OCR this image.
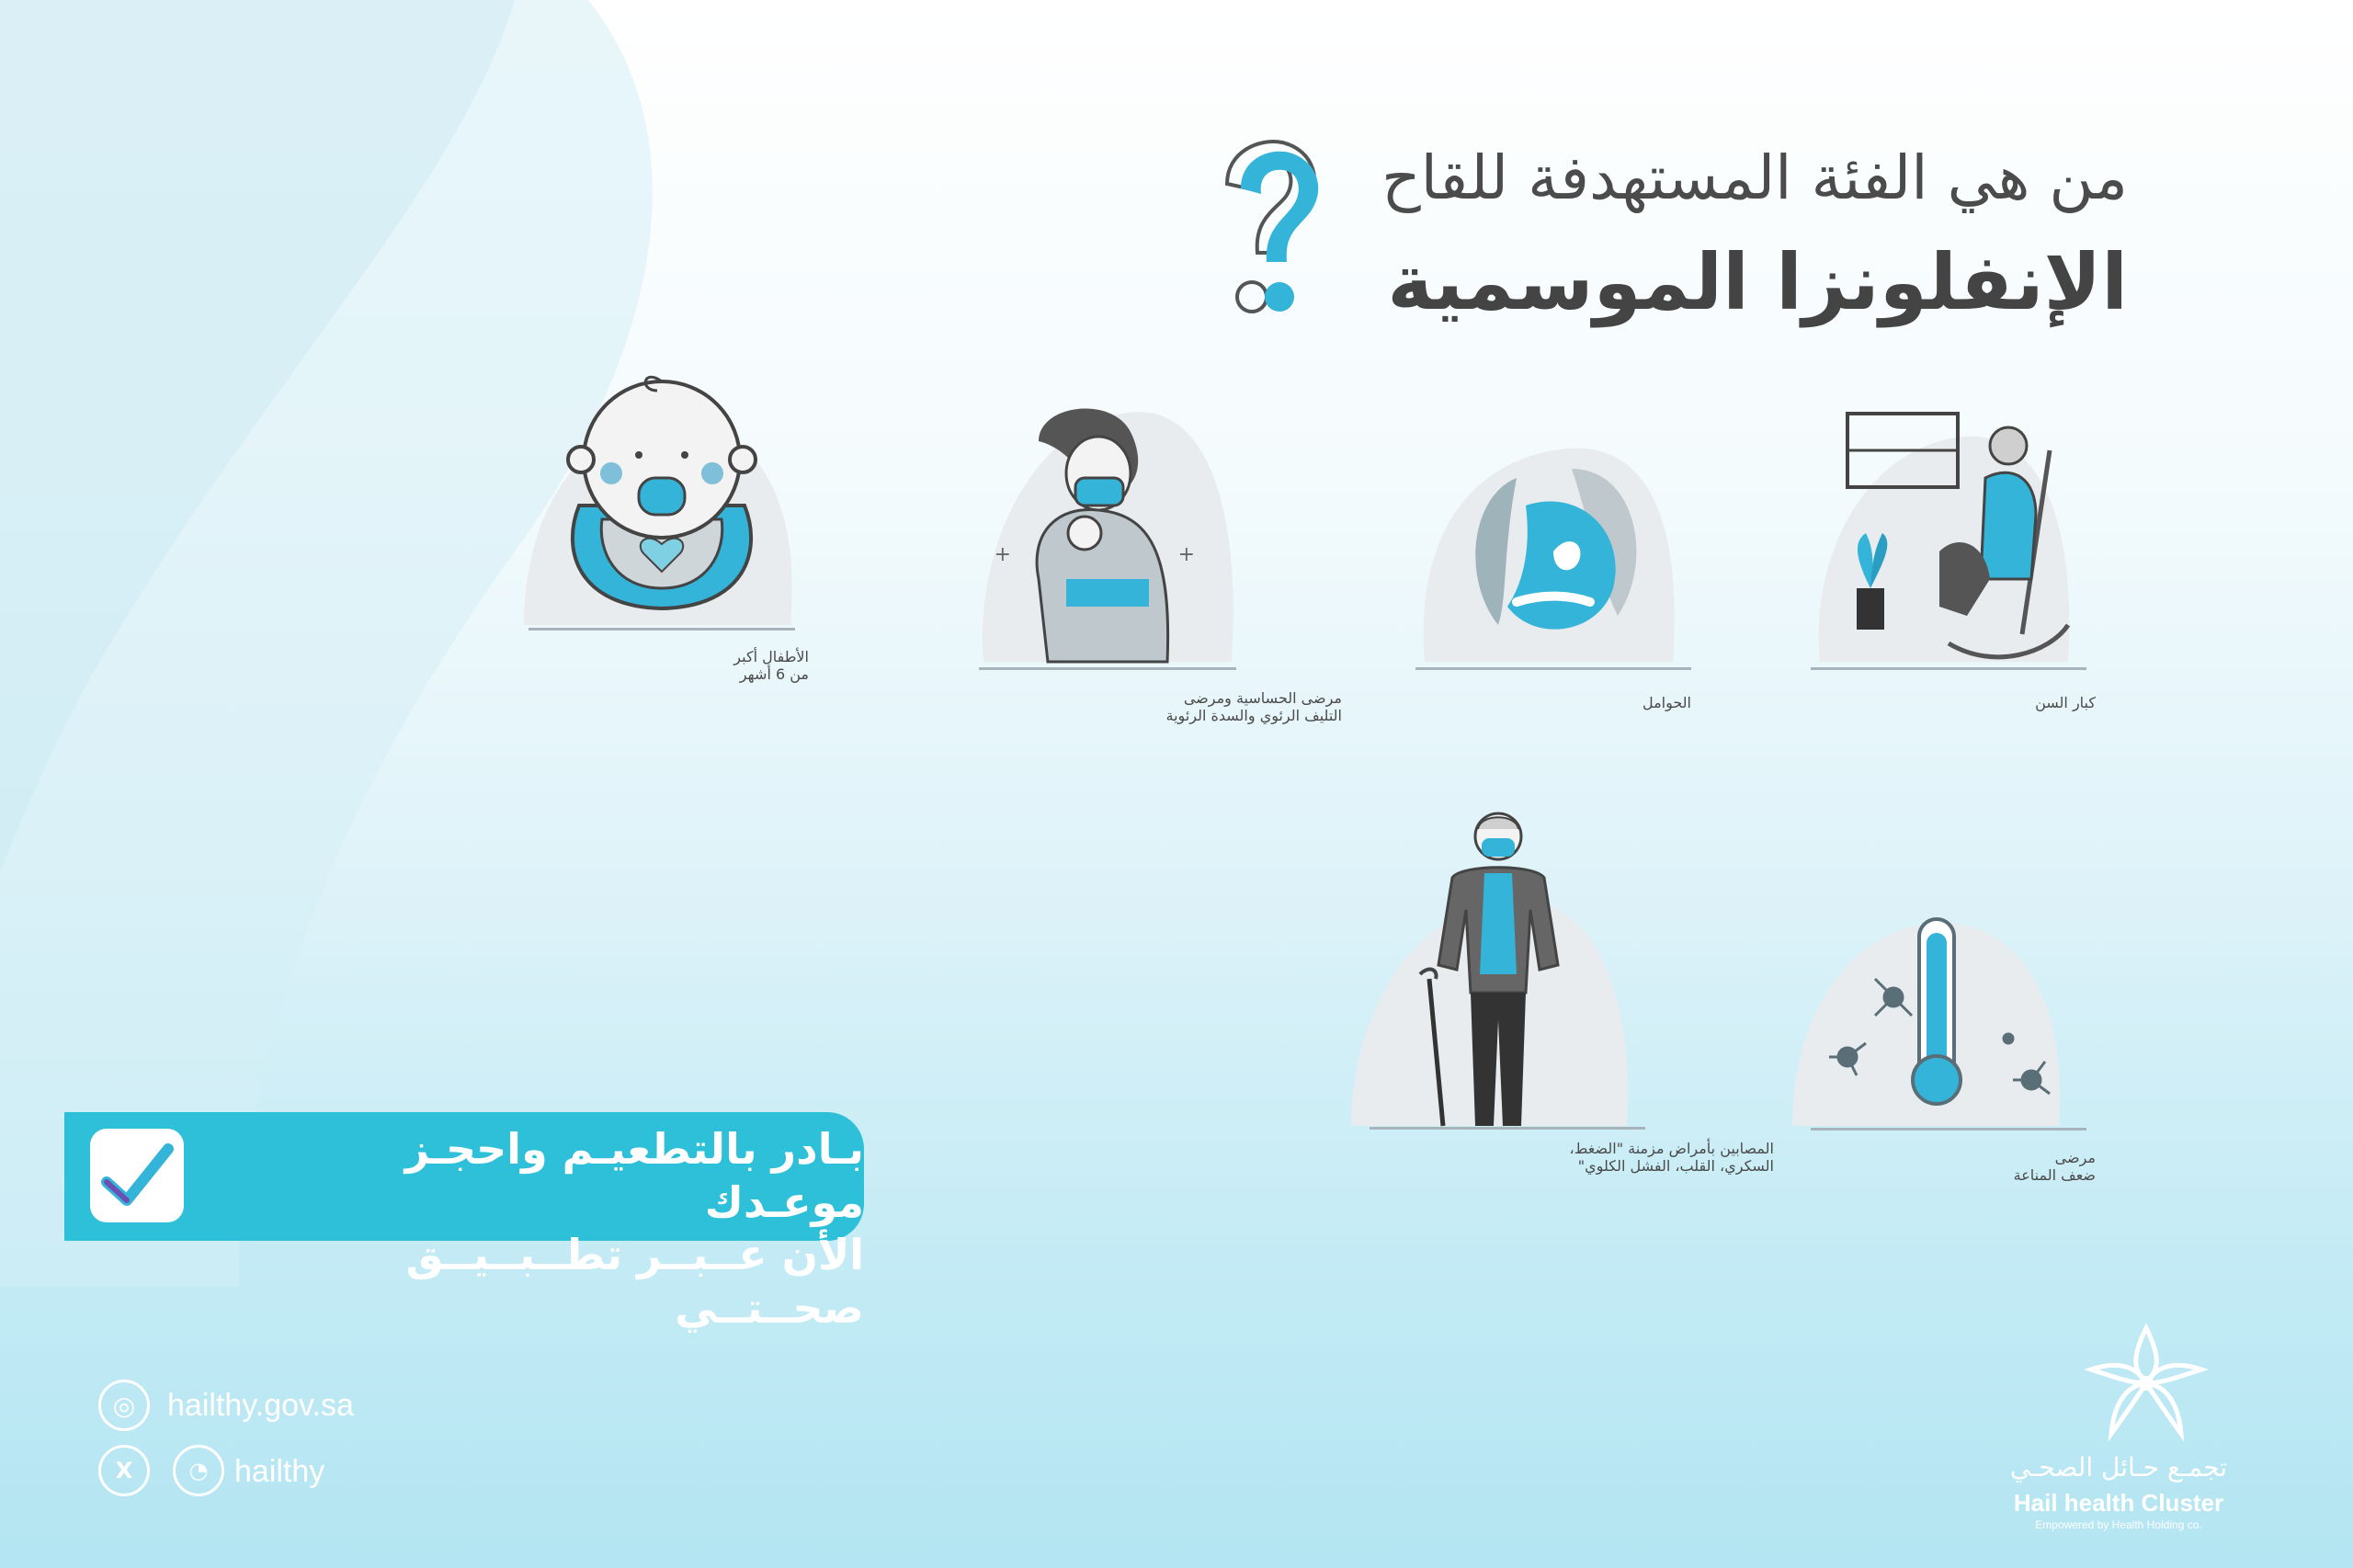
من هي الفئة المستهدفة للقاح
الإنفلونزا الموسمية
كبار السن
الحوامل
+	+
مرضى الحساسية ومرضى
التليف الرئوي والسدة الرئوية
الأطفال أكبر
من 6 أشهر
مرضى
ضعف المناعة
المصابين بأمراض مزمنة "الضغط،
السكري، القلب، الفشل الكلوي"
بـادر بالتطعيـم واحجـز موعـدك
الأن عــبــر تطــبــيــق صحــتــي
◎	hailthy.gov.sa
X	◔ hailthy	تجمـع حـائل الصحـي
Hail health Cluster
Empowered by Health Holding co.
